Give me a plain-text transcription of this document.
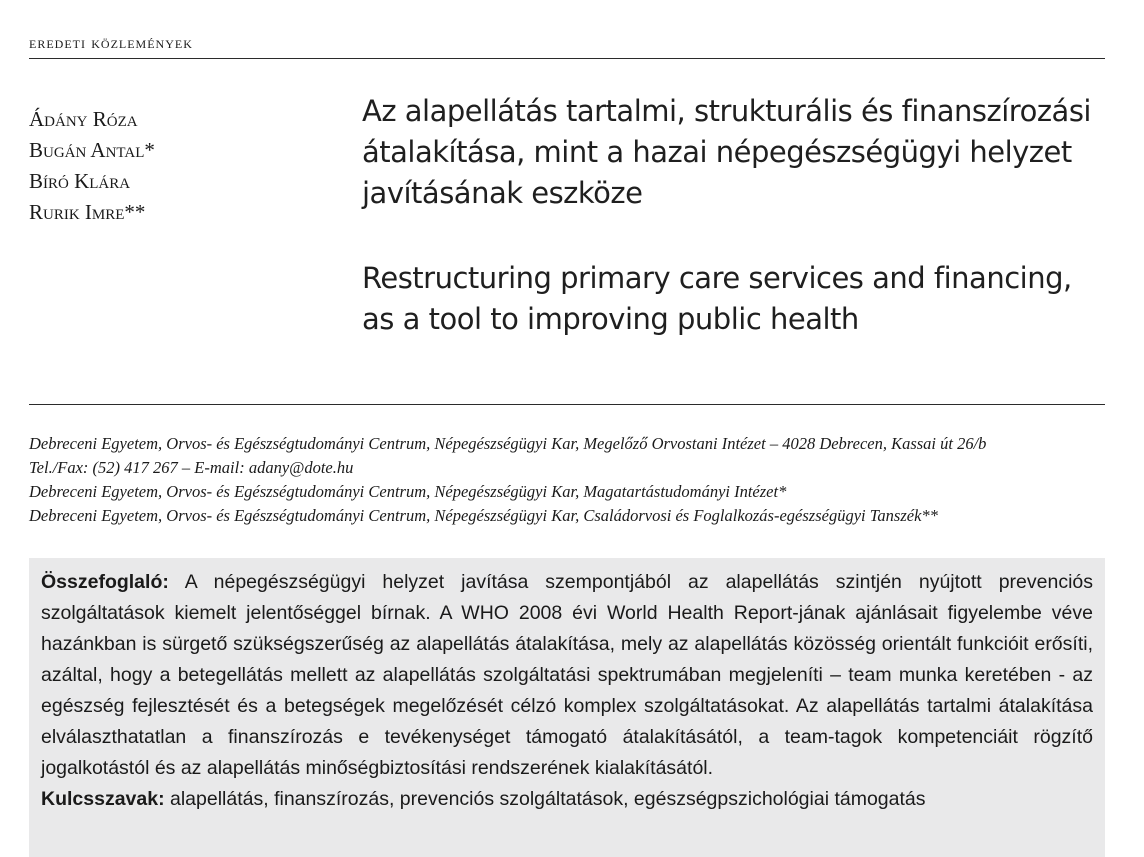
eredeti közlemények
Ádány Róza
Bugán Antal*
Bíró Klára
Rurik Imre**
Az alapellátás tartalmi, strukturális és finanszírozási átalakítása, mint a hazai népegészségügyi helyzet javításának eszköze
Restructuring primary care services and financing, as a tool to improving public health
Debreceni Egyetem, Orvos- és Egészségtudományi Centrum, Népegészségügyi Kar, Megelőző Orvostani Intézet – 4028 Debrecen, Kassai út 26/b
Tel./Fax: (52) 417 267 – E-mail: adany@dote.hu
Debreceni Egyetem, Orvos- és Egészségtudományi Centrum, Népegészségügyi Kar, Magatartástudományi Intézet*
Debreceni Egyetem, Orvos- és Egészségtudományi Centrum, Népegészségügyi Kar, Családorvosi és Foglalkozás-egészségügyi Tanszék**

Összefoglaló: A népegészségügyi helyzet javítása szempontjából az alapellátás szintjén nyújtott prevenciós szolgáltatások kiemelt jelentőséggel bírnak. A WHO 2008 évi World Health Report-jának ajánlásait figyelembe véve hazánkban is sürgető szükségszerűség az alapellátás átalakítása, mely az alapellátás közösség orientált funkcióit erősíti, azáltal, hogy a betegellátás mellett az alapellátás szolgáltatási spektrumában megjeleníti – team munka keretében - az egészség fejlesztését és a betegségek megelőzését célzó komplex szolgáltatásokat. Az alapellátás tartalmi átalakítása elválaszthatatlan a finanszírozás e tevékenységet támogató átalakításától, a team-tagok kompetenciáit rögzítő jogalkotástól és az alapellátás minőségbiztosítási rendszerének kialakításától.

Kulcsszavak: alapellátás, finanszírozás, prevenciós szolgáltatások, egészségpszichológiai támogatás
